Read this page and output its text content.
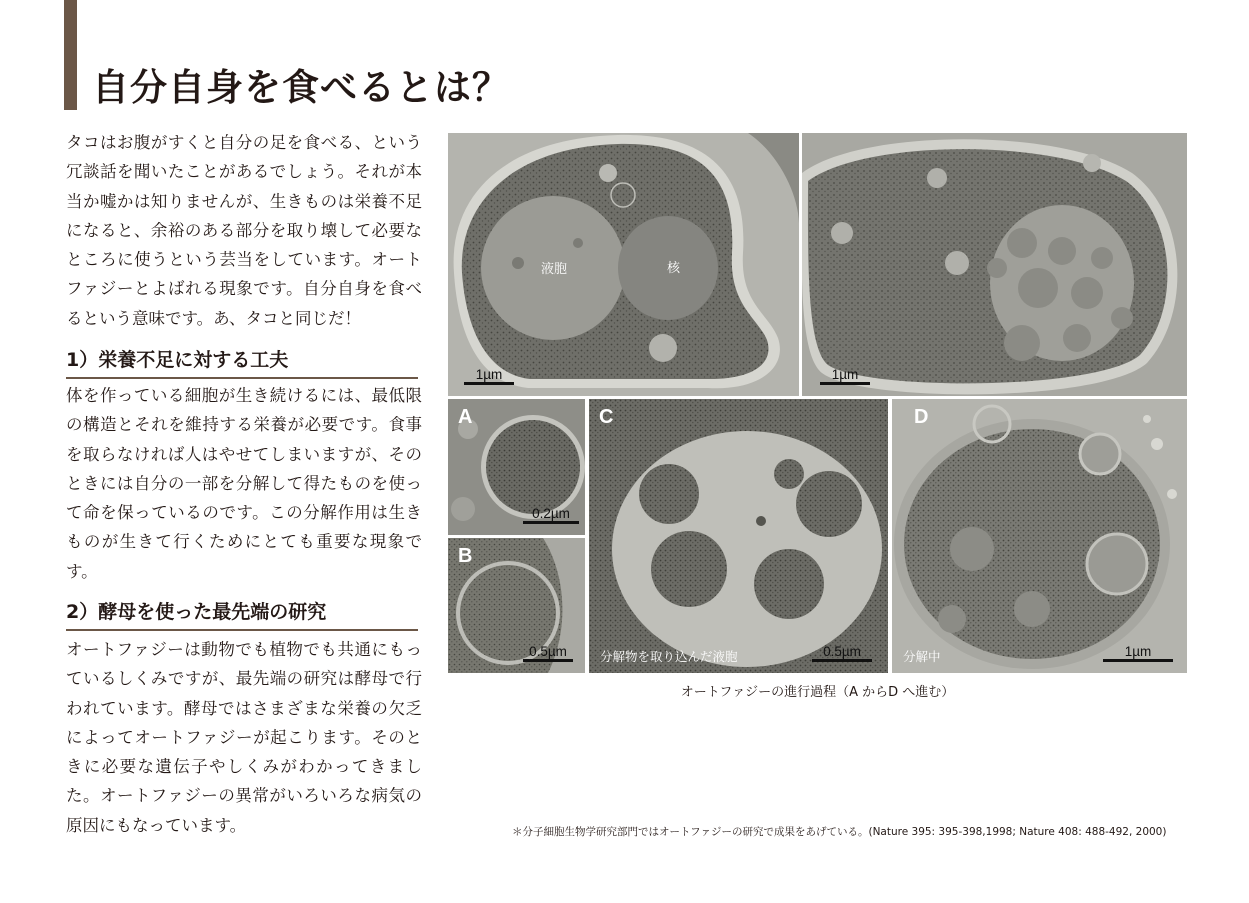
自分自身を食べるとは？

タコはお腹がすくと自分の足を食べる、という冗談話を聞いたことがあるでしょう。それが本当か嘘かは知りませんが、生きものは栄養不足になると、余裕のある部分を取り壊して必要なところに使うという芸当をしています。オートファジーとよばれる現象です。自分自身を食べるという意味です。あ、タコと同じだ！

1）栄養不足に対する工夫

体を作っている細胞が生き続けるには、最低限の構造とそれを維持する栄養が必要です。食事を取らなければ人はやせてしまいますが、そのときには自分の一部を分解して得たものを使って命を保っているのです。この分解作用は生きものが生きて行くためにとても重要な現象です。

2）酵母を使った最先端の研究

オートファジーは動物でも植物でも共通にもっているしくみですが、最先端の研究は酵母で行われています。酵母ではさまざまな栄養の欠乏によってオートファジーが起こります。そのときに必要な遺伝子やしくみがわかってきました。オートファジーの異常がいろいろな病気の原因にもなっています。

液胞	核
1µm	1µm
A
0.2µm
B
0.5µm
C
分解物を取り込んだ液胞	0.5µm
D
分解中	1µm
オートファジーの進行過程（A からD へ進む）
＊分子細胞生物学研究部門ではオートファジーの研究で成果をあげている。(Nature 395: 395-398,1998; Nature 408: 488-492, 2000)
